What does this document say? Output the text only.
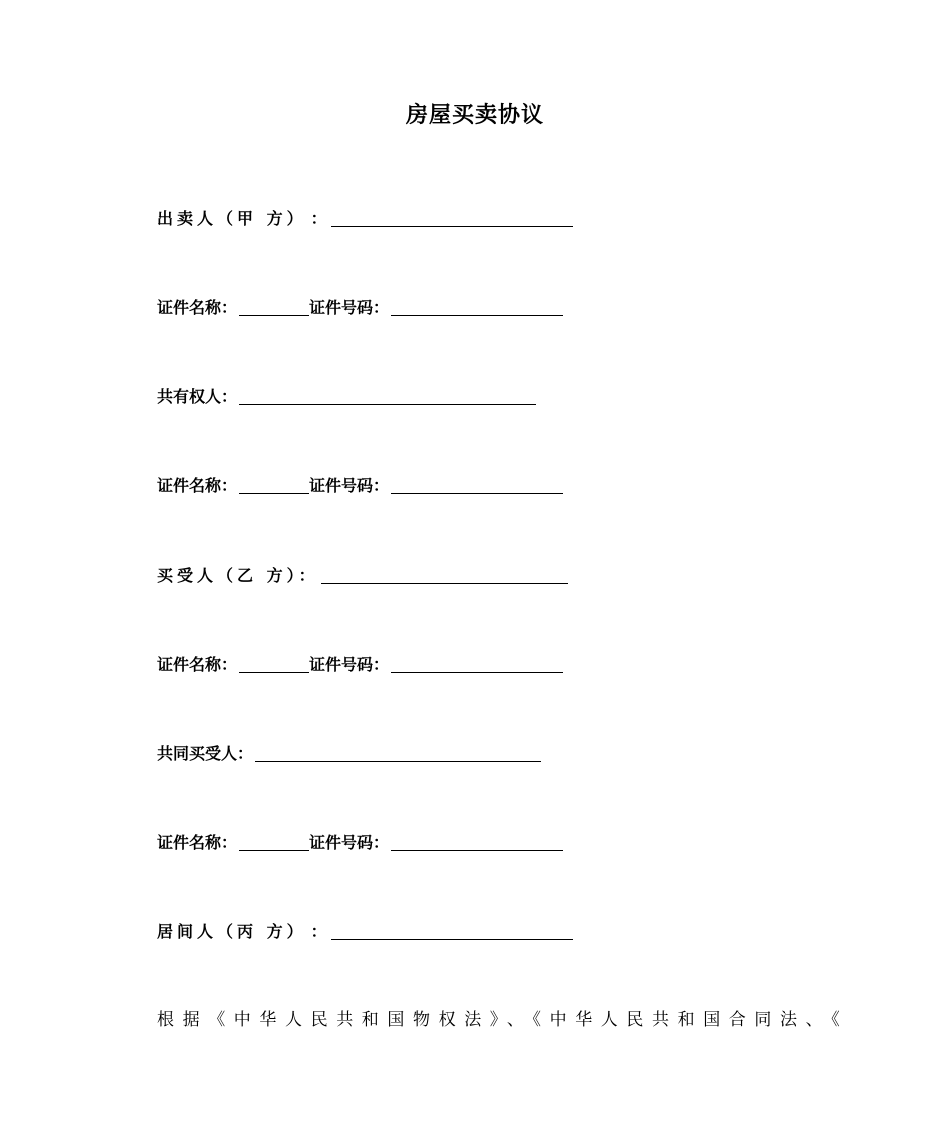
房屋买卖协议
出卖人（甲 方） ：
证件名称：	证件号码：
共有权人：
证件名称：	证件号码：
买受人（乙 方）：
证件名称：	证件号码：
共同买受人：
证件名称：	证件号码：
居间人（丙 方） ：
根据《中华人民共和国物权法》、《中华人民共和国合同法、《
